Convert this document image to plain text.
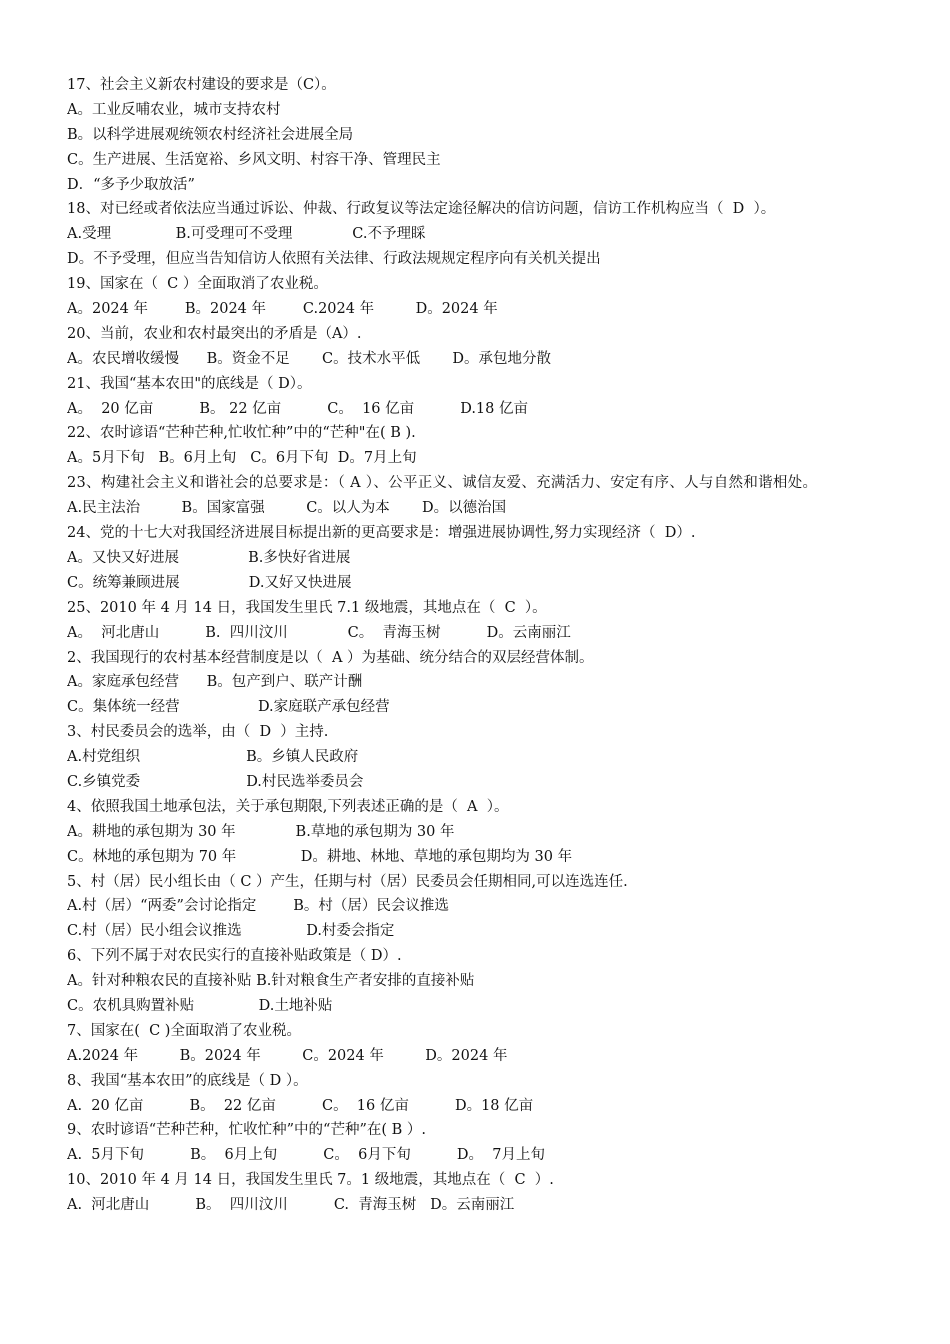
17、社会主义新农村建设的要求是（C）。
A。工业反哺农业，城市支持农村
B。以科学进展观统领农村经济社会进展全局
C。生产进展、生活宽裕、乡风文明、村容干净、管理民主
D．“多予少取放活”
18、对已经或者依法应当通过诉讼、仲裁、行政复议等法定途径解决的信访问题，信访工作机构应当（  D  ）。
A.受理              B.可受理可不受理             C.不予理睬
D。不予受理，但应当告知信访人依照有关法律、行政法规规定程序向有关机关提出
19、国家在（  C ）全面取消了农业税。
A。2024 年        B。2024 年        C.2024 年         D。2024 年
20、当前，农业和农村最突出的矛盾是（A）.
A。农民增收缓慢      B。资金不足       C。技术水平低       D。承包地分散
21、我国“基本农田"的底线是（ D）。
A。  20 亿亩          B。 22 亿亩          C。  16 亿亩          D.18 亿亩
22、农时谚语“芒种芒种,忙收忙种”中的“芒种"在( B ).
A。5月下旬   B。6月上旬   C。6月下旬  D。7月上旬
23、构建社会主义和谐社会的总要求是：（ A ）、公平正义、诚信友爱、充满活力、安定有序、人与自然和谐相处。
A.民主法治         B。国家富强         C。以人为本       D。以德治国
24、党的十七大对我国经济进展目标提出新的更高要求是：增强进展协调性,努力实现经济（  D）.
A。又快又好进展               B.多快好省进展
C。统筹兼顾进展               D.又好又快进展
25、2010 年 4 月 14 日，我国发生里氏 7.1 级地震，其地点在（  C  ）。
A。  河北唐山          B.  四川汶川             C。  青海玉树          D。云南丽江
2、我国现行的农村基本经营制度是以（  A ）为基础、统分结合的双层经营体制。
A。家庭承包经营      B。包产到户、联产计酬
C。集体统一经营                 D.家庭联产承包经营
3、村民委员会的选举，由（  D  ）主持.
A.村党组织                       B。乡镇人民政府
C.乡镇党委                       D.村民选举委员会
4、依照我国土地承包法，关于承包期限,下列表述正确的是（  A  ）。
A。耕地的承包期为 30 年             B.草地的承包期为 30 年
C。林地的承包期为 70 年              D。耕地、林地、草地的承包期均为 30 年
5、村（居）民小组长由（ C ）产生，任期与村（居）民委员会任期相同,可以连选连任.
A.村（居）“两委”会讨论指定        B。村（居）民会议推选
C.村（居）民小组会议推选              D.村委会指定
6、下列不属于对农民实行的直接补贴政策是（ D）.
A。针对种粮农民的直接补贴 B.针对粮食生产者安排的直接补贴
C。农机具购置补贴              D.土地补贴
7、国家在(  C )全面取消了农业税。
A.2024 年         B。2024 年         C。2024 年         D。2024 年
8、我国“基本农田”的底线是（ D ）。
A.  20 亿亩          B。  22 亿亩          C。  16 亿亩          D。18 亿亩
9、农时谚语“芒种芒种，忙收忙种”中的“芒种”在( B ）.
A.  5月下旬          B。  6月上旬          C。  6月下旬          D。  7月上旬
10、2010 年 4 月 14 日，我国发生里氏 7。1 级地震，其地点在（  C  ）.
A.  河北唐山          B。  四川汶川          C.  青海玉树   D。云南丽江
